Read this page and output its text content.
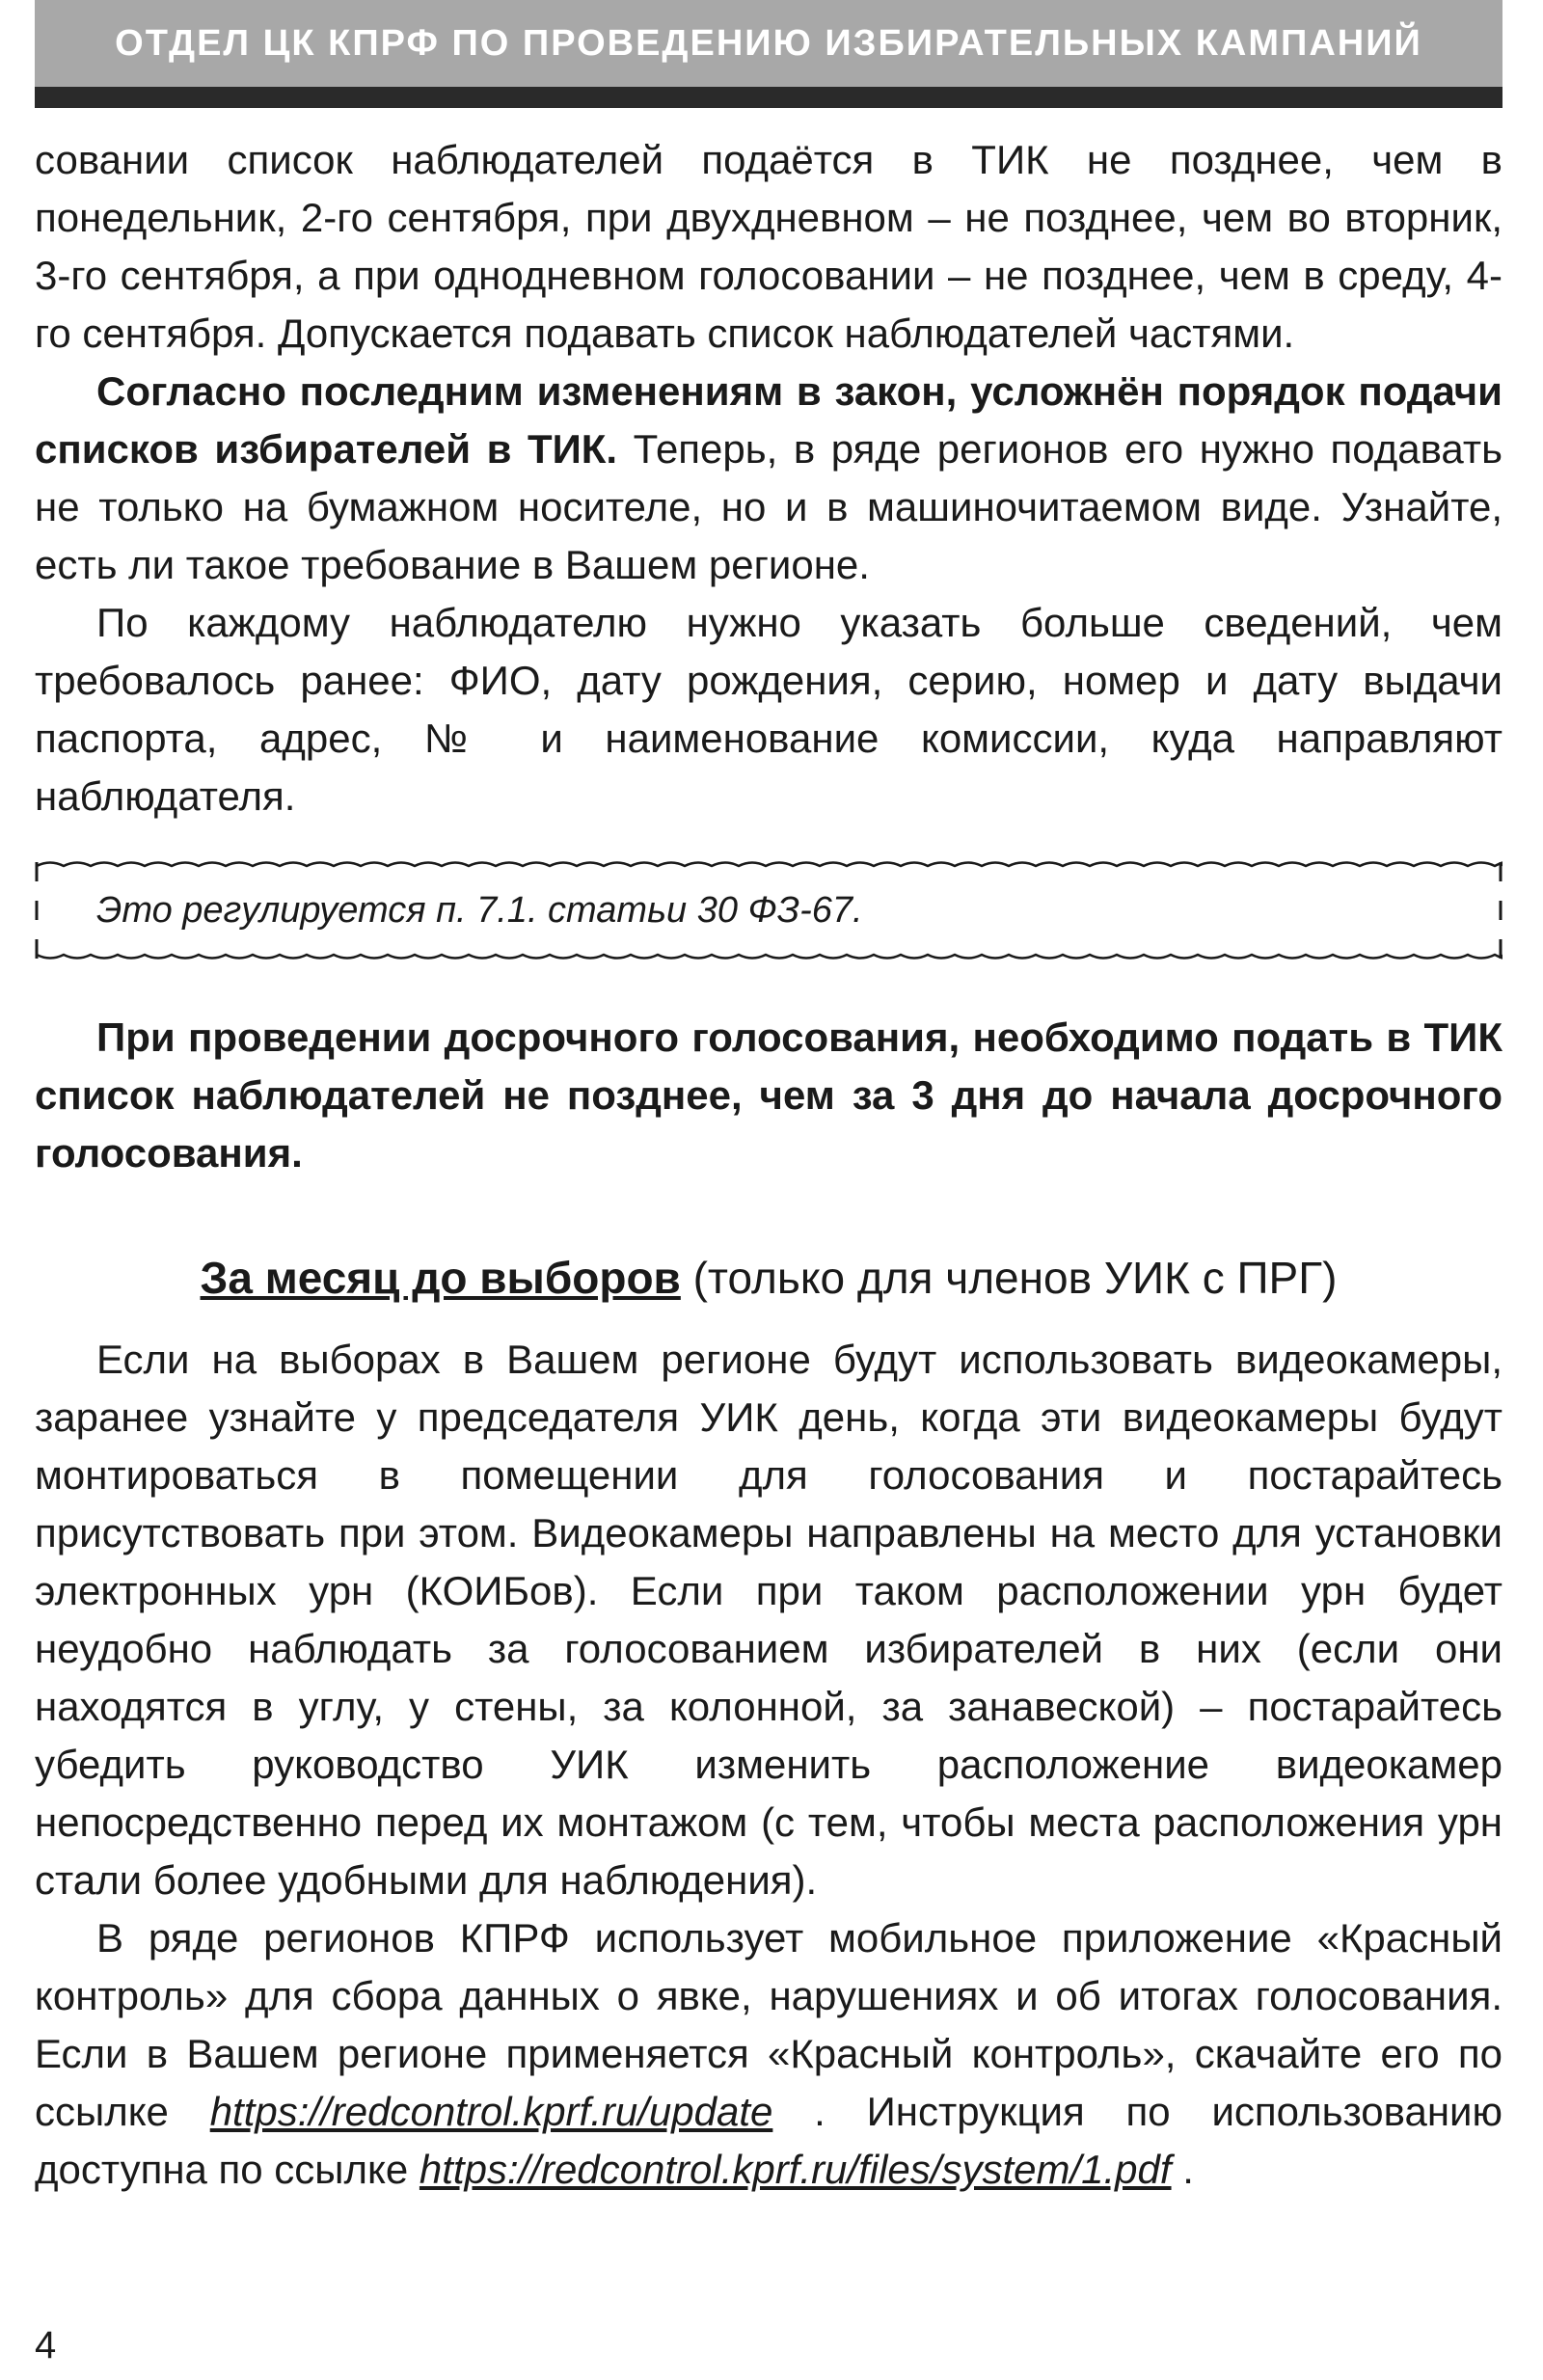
ОТДЕЛ ЦК КПРФ ПО ПРОВЕДЕНИЮ ИЗБИРАТЕЛЬНЫХ КАМПАНИЙ

совании список наблюдателей подаётся в ТИК не позднее, чем в понедельник, 2-го сентября, при двухдневном – не позднее, чем во вторник, 3-го сентября, а при однодневном голосовании – не позднее, чем в среду, 4-го сентября. Допускается подавать список наблюдателей частями.

Согласно последним изменениям в закон, усложнён порядок подачи списков избирателей в ТИК. Теперь, в ряде регионов его нужно подавать не только на бумажном носителе, но и в машиночитаемом виде. Узнайте, есть ли такое требование в Вашем регионе.

По каждому наблюдателю нужно указать больше сведений, чем требовалось ранее: ФИО, дату рождения, серию, номер и дату выдачи паспорта, адрес, № и наименование комиссии, куда направляют наблюдателя.

Это регулируется п. 7.1. статьи 30 ФЗ-67.

При проведении досрочного голосования, необходимо подать в ТИК список наблюдателей не позднее, чем за 3 дня до начала досрочного голосования.

За месяц до выборов (только для членов УИК с ПРГ)

Если на выборах в Вашем регионе будут использовать видеокамеры, заранее узнайте у председателя УИК день, когда эти видеокамеры будут монтироваться в помещении для голосования и постарайтесь присутствовать при этом. Видеокамеры направлены на место для установки электронных урн (КОИБов). Если при таком расположении урн будет неудобно наблюдать за голосованием избирателей в них (если они находятся в углу, у стены, за колонной, за занавеской) – постарайтесь убедить руководство УИК изменить расположение видеокамер непосредственно перед их монтажом (с тем, чтобы места расположения урн стали более удобными для наблюдения).

В ряде регионов КПРФ использует мобильное приложение «Красный контроль» для сбора данных о явке, нарушениях и об итогах голосования. Если в Вашем регионе применяется «Красный контроль», скачайте его по ссылке https://redcontrol.kprf.ru/update . Инструкция по использованию доступна по ссылке https://redcontrol.kprf.ru/files/system/1.pdf .

4
